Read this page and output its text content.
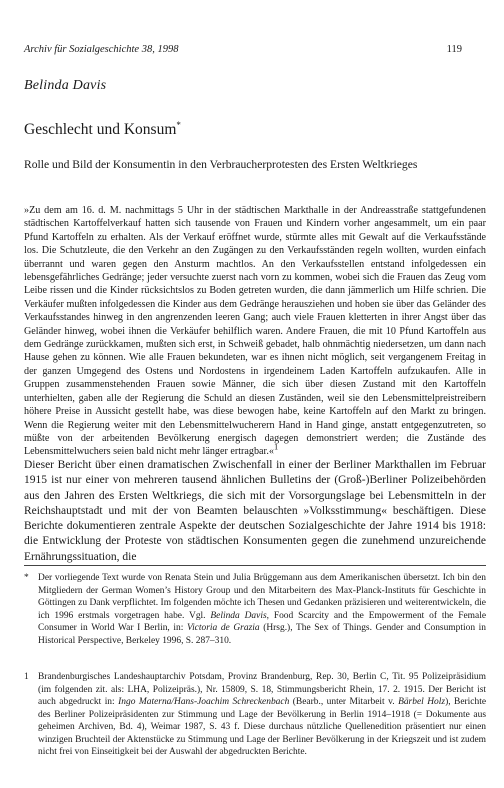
Archiv für Sozialgeschichte 38, 1998	119
Belinda Davis
Geschlecht und Konsum*
Rolle und Bild der Konsumentin in den Verbraucherprotesten des Ersten Weltkrieges
»Zu dem am 16. d. M. nachmittags 5 Uhr in der städtischen Markthalle in der Andreasstraße stattgefundenen städtischen Kartoffelverkauf hatten sich tausende von Frauen und Kindern vorher angesammelt, um ein paar Pfund Kartoffeln zu erhalten. Als der Verkauf eröffnet wurde, stürmte alles mit Gewalt auf die Verkaufsstände los. Die Schutzleute, die den Verkehr an den Zugängen zu den Verkaufsständen regeln wollten, wurden einfach überrannt und waren gegen den Ansturm machtlos. An den Verkaufsstellen entstand infolgedessen ein lebensgefährliches Gedränge; jeder versuchte zuerst nach vorn zu kommen, wobei sich die Frauen das Zeug vom Leibe rissen und die Kinder rücksichtslos zu Boden getreten wurden, die dann jämmerlich um Hilfe schrien. Die Verkäufer mußten infolgedessen die Kinder aus dem Gedränge herausziehen und hoben sie über das Geländer des Verkaufsstandes hinweg in den angrenzenden leeren Gang; auch viele Frauen kletterten in ihrer Angst über das Geländer hinweg, wobei ihnen die Verkäufer behilflich waren. Andere Frauen, die mit 10 Pfund Kartoffeln aus dem Gedränge zurückkamen, mußten sich erst, in Schweiß gebadet, halb ohnmächtig niedersetzen, um dann nach Hause gehen zu können. Wie alle Frauen bekundeten, war es ihnen nicht möglich, seit vergangenem Freitag in der ganzen Umgegend des Ostens und Nordostens in irgendeinem Laden Kartoffeln aufzukaufen. Alle in Gruppen zusammenstehenden Frauen sowie Männer, die sich über diesen Zustand mit den Kartoffeln unterhielten, gaben alle der Regierung die Schuld an diesen Zuständen, weil sie den Lebensmittelpreistreibern höhere Preise in Aussicht gestellt habe, was diese bewogen habe, keine Kartoffeln auf den Markt zu bringen. Wenn die Regierung weiter mit den Lebensmittelwucherern Hand in Hand ginge, anstatt entgegenzutreten, so müßte von der arbeitenden Bevölkerung energisch dagegen demonstriert werden; die Zustände des Lebensmittelwuchers seien bald nicht mehr länger ertragbar.«$^1$
Dieser Bericht über einen dramatischen Zwischenfall in einer der Berliner Markthallen im Februar 1915 ist nur einer von mehreren tausend ähnlichen Bulletins der (Groß-)Berliner Polizeibehörden aus den Jahren des Ersten Weltkriegs, die sich mit der Vorsorgungslage bei Lebensmitteln in der Reichshauptstadt und mit der von Beamten belauschten »Volksstimmung« beschäftigen. Diese Berichte dokumentieren zentrale Aspekte der deutschen Sozialgeschichte der Jahre 1914 bis 1918: die Entwicklung der Proteste von städtischen Konsumenten gegen die zunehmend unzureichende Ernährungssituation, die
* Der vorliegende Text wurde von Renata Stein und Julia Brüggemann aus dem Amerikanischen übersetzt. Ich bin den Mitgliedern der German Women’s History Group und den Mitarbeitern des Max-Planck-Instituts für Geschichte in Göttingen zu Dank verpflichtet. Im folgenden möchte ich Thesen und Gedanken präzisieren und weiterentwickeln, die ich 1996 erstmals vorgetragen habe. Vgl. Belinda Davis, Food Scarcity and the Empowerment of the Female Consumer in World War I Berlin, in: Victoria de Grazia (Hrsg.), The Sex of Things. Gender and Consumption in Historical Perspective, Berkeley 1996, S. 287–310.
1 Brandenburgisches Landeshauptarchiv Potsdam, Provinz Brandenburg, Rep. 30, Berlin C, Tit. 95 Polizeipräsidium (im folgenden zit. als: LHA, Polizeipräs.), Nr. 15809, S. 18, Stimmungsbericht Rhein, 17. 2. 1915. Der Bericht ist auch abgedruckt in: Ingo Materna/Hans-Joachim Schreckenbach (Bearb., unter Mitarbeit v. Bärbel Holz), Berichte des Berliner Polizeipräsidenten zur Stimmung und Lage der Bevölkerung in Berlin 1914–1918 (= Dokumente aus geheimen Archiven, Bd. 4), Weimar 1987, S. 43 f. Diese durchaus nützliche Quellenedition präsentiert nur einen winzigen Bruchteil der Aktenstücke zu Stimmung und Lage der Berliner Bevölkerung in der Kriegszeit und ist zudem nicht frei von Einseitigkeit bei der Auswahl der abgedruckten Berichte.
